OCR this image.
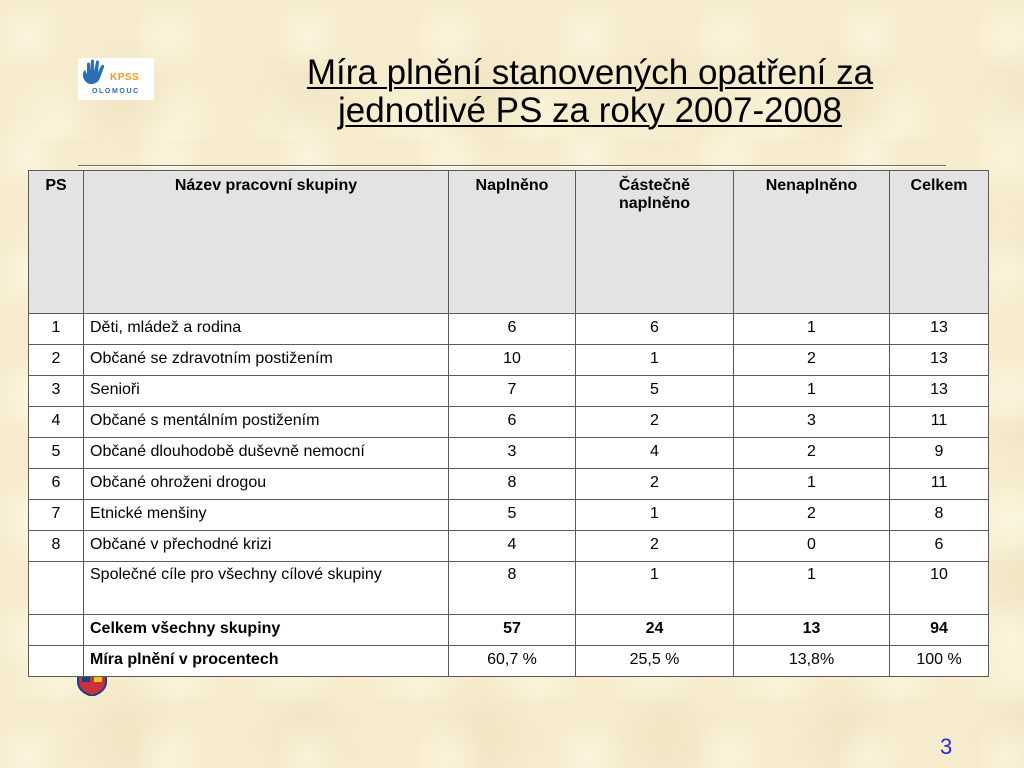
KPSS
OLOMOUC	Míra plnění stanovených opatření za
jednotlivé PS za roky 2007-2008
PS	Název pracovní skupiny	Naplněno	Částečně naplněno	Nenaplněno	Celkem
1	Děti, mládež a rodina	6	6	1	13
2	Občané se zdravotním postižením	10	1	2	13
3	Senioři	7	5	1	13
4	Občané s mentálním postižením	6	2	3	11
5	Občané dlouhodobě duševně nemocní	3	4	2	9
6	Občané ohroženi drogou	8	2	1	11
7	Etnické menšiny	5	1	2	8
8	Občané v přechodné krizi	4	2	0	6
	Společné cíle pro všechny cílové skupiny	8	1	1	10
	Celkem všechny skupiny	57	24	13	94
	Míra plnění v procentech	60,7 %	25,5 %	13,8%	100 %
3
